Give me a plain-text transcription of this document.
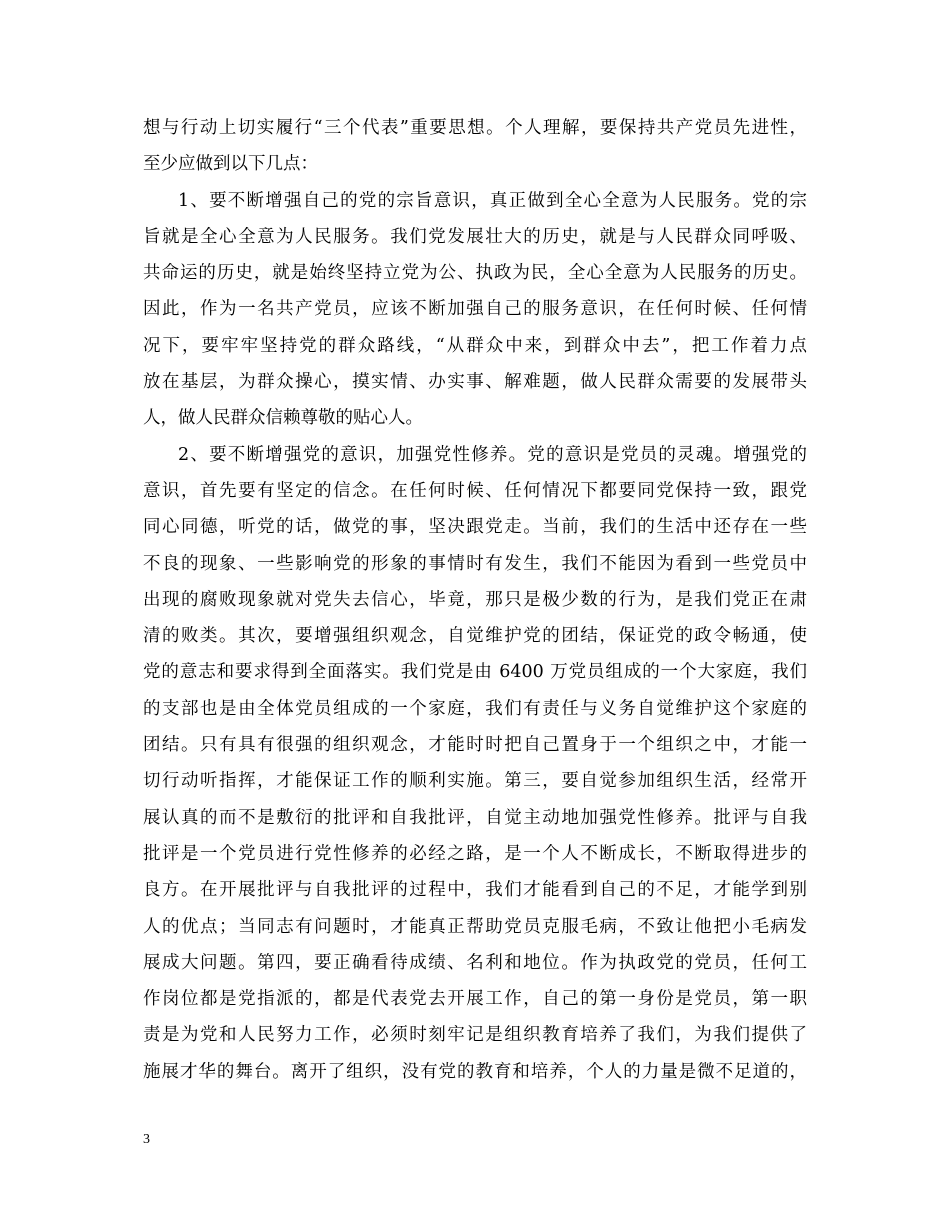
想与行动上切实履行“三个代表”重要思想。个人理解，要保持共产党员先进性，
至少应做到以下几点：
1、要不断增强自己的党的宗旨意识，真正做到全心全意为人民服务。党的宗
旨就是全心全意为人民服务。我们党发展壮大的历史，就是与人民群众同呼吸、
共命运的历史，就是始终坚持立党为公、执政为民，全心全意为人民服务的历史。
因此，作为一名共产党员，应该不断加强自己的服务意识，在任何时候、任何情
况下，要牢牢坚持党的群众路线，“从群众中来，到群众中去”，把工作着力点
放在基层，为群众操心，摸实情、办实事、解难题，做人民群众需要的发展带头
人，做人民群众信赖尊敬的贴心人。
2、要不断增强党的意识，加强党性修养。党的意识是党员的灵魂。增强党的
意识，首先要有坚定的信念。在任何时候、任何情况下都要同党保持一致，跟党
同心同德，听党的话，做党的事，坚决跟党走。当前，我们的生活中还存在一些
不良的现象、一些影响党的形象的事情时有发生，我们不能因为看到一些党员中
出现的腐败现象就对党失去信心，毕竟，那只是极少数的行为，是我们党正在肃
清的败类。其次，要增强组织观念，自觉维护党的团结，保证党的政令畅通，使
党的意志和要求得到全面落实。我们党是由 6400 万党员组成的一个大家庭，我们
的支部也是由全体党员组成的一个家庭，我们有责任与义务自觉维护这个家庭的
团结。只有具有很强的组织观念，才能时时把自己置身于一个组织之中，才能一
切行动听指挥，才能保证工作的顺利实施。第三，要自觉参加组织生活，经常开
展认真的而不是敷衍的批评和自我批评，自觉主动地加强党性修养。批评与自我
批评是一个党员进行党性修养的必经之路，是一个人不断成长，不断取得进步的
良方。在开展批评与自我批评的过程中，我们才能看到自己的不足，才能学到别
人的优点；当同志有问题时，才能真正帮助党员克服毛病，不致让他把小毛病发
展成大问题。第四，要正确看待成绩、名利和地位。作为执政党的党员，任何工
作岗位都是党指派的，都是代表党去开展工作，自己的第一身份是党员，第一职
责是为党和人民努力工作，必须时刻牢记是组织教育培养了我们，为我们提供了
施展才华的舞台。离开了组织，没有党的教育和培养，个人的力量是微不足道的，
3
